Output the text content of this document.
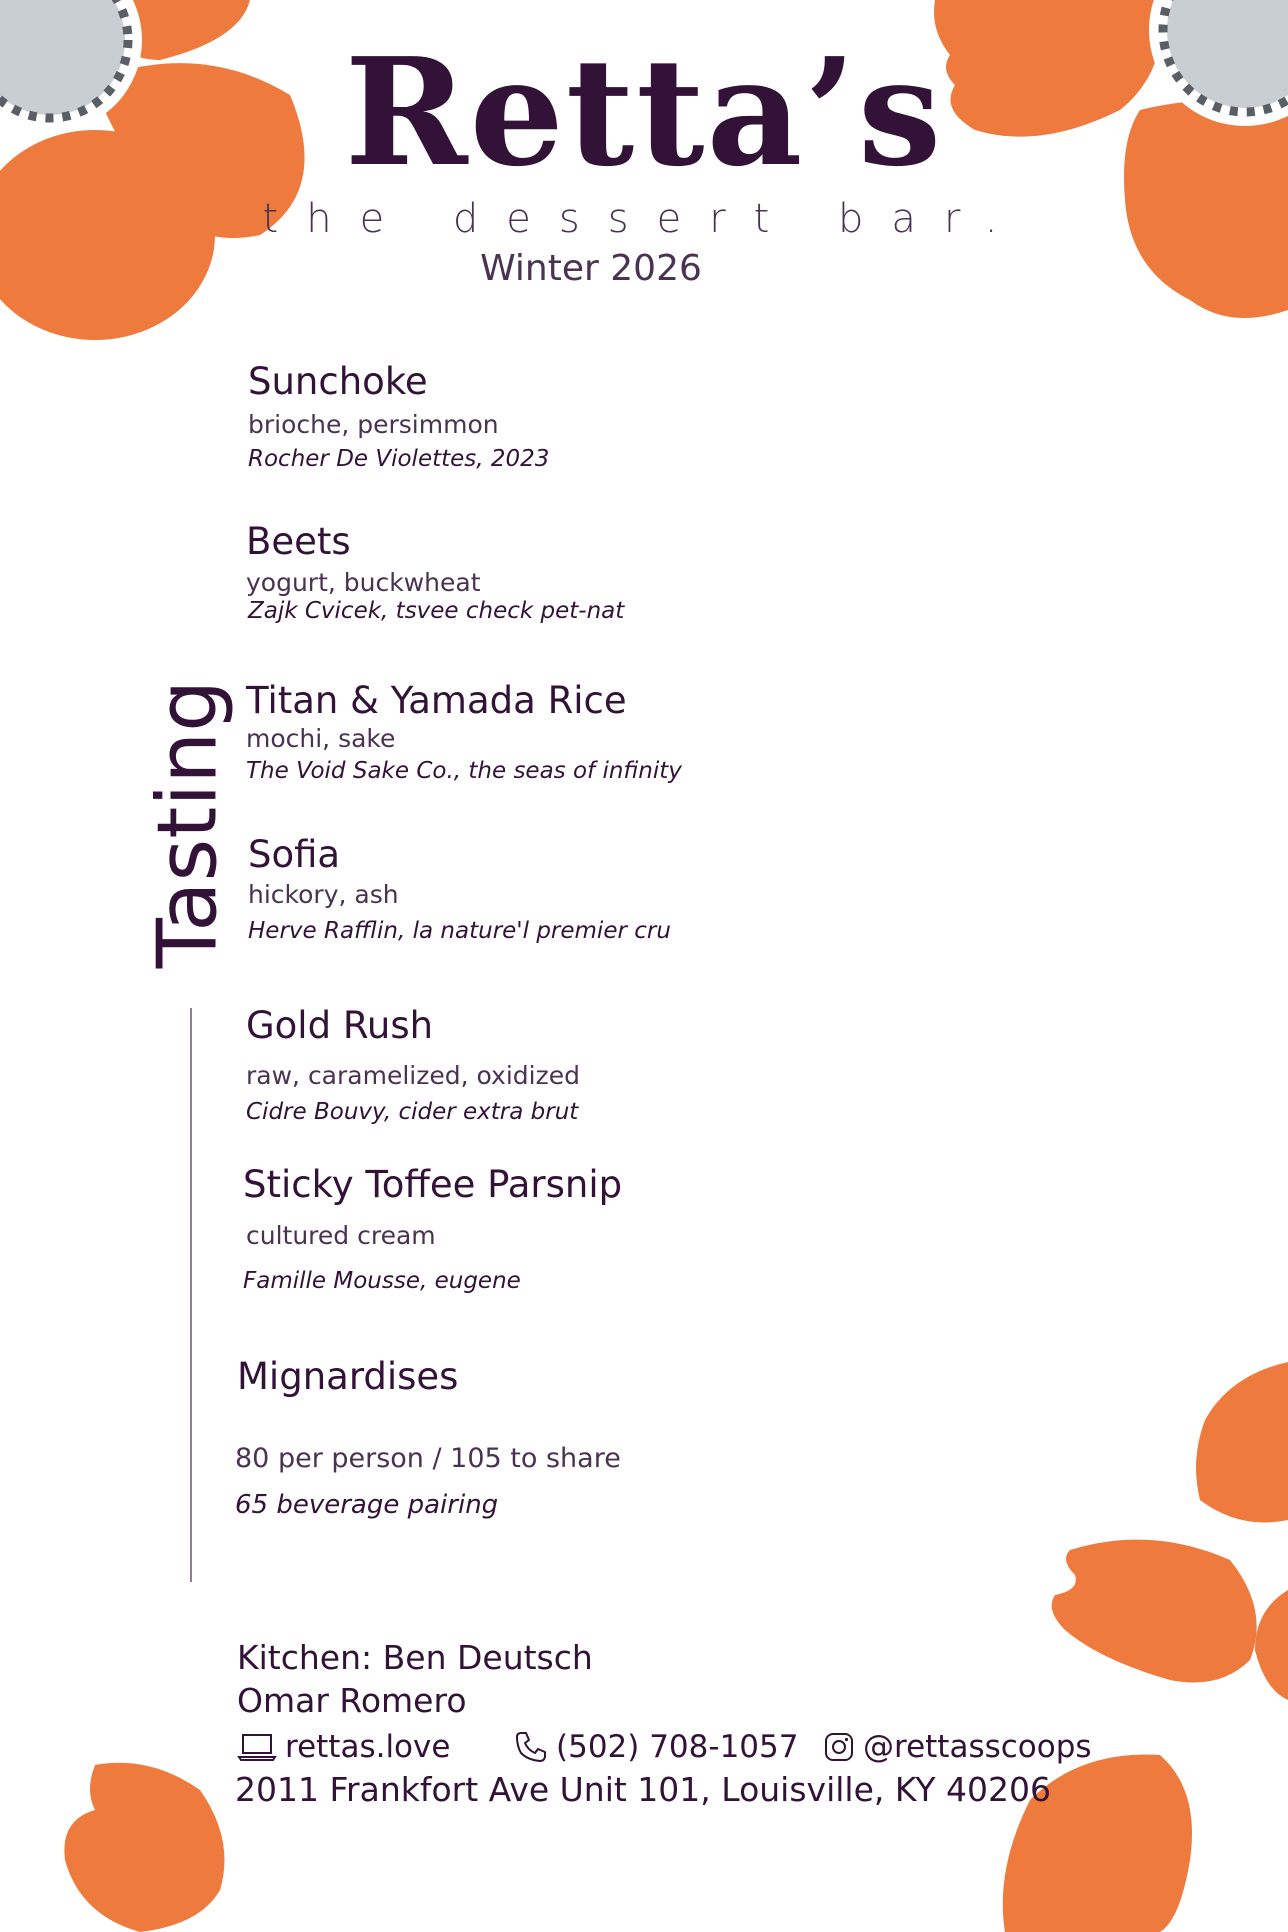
Retta’s
the dessert bar.
Winter 2026
Tasting
Sunchoke
brioche, persimmon
Rocher De Violettes, 2023
Beets
yogurt, buckwheat
Zajk Cvicek, tsvee check pet-nat
Titan & Yamada Rice
mochi, sake
The Void Sake Co., the seas of infinity
Sofia
hickory, ash
Herve Rafflin, la nature'l premier cru
Gold Rush
raw, caramelized, oxidized
Cidre Bouvy, cider extra brut
Sticky Toffee Parsnip
cultured cream
Famille Mousse, eugene
Mignardises
80 per person / 105 to share
65 beverage pairing
Kitchen: Ben Deutsch
Omar Romero
rettas.love	(502) 708-1057 @rettasscoops
2011 Frankfort Ave Unit 101, Louisville, KY 40206
